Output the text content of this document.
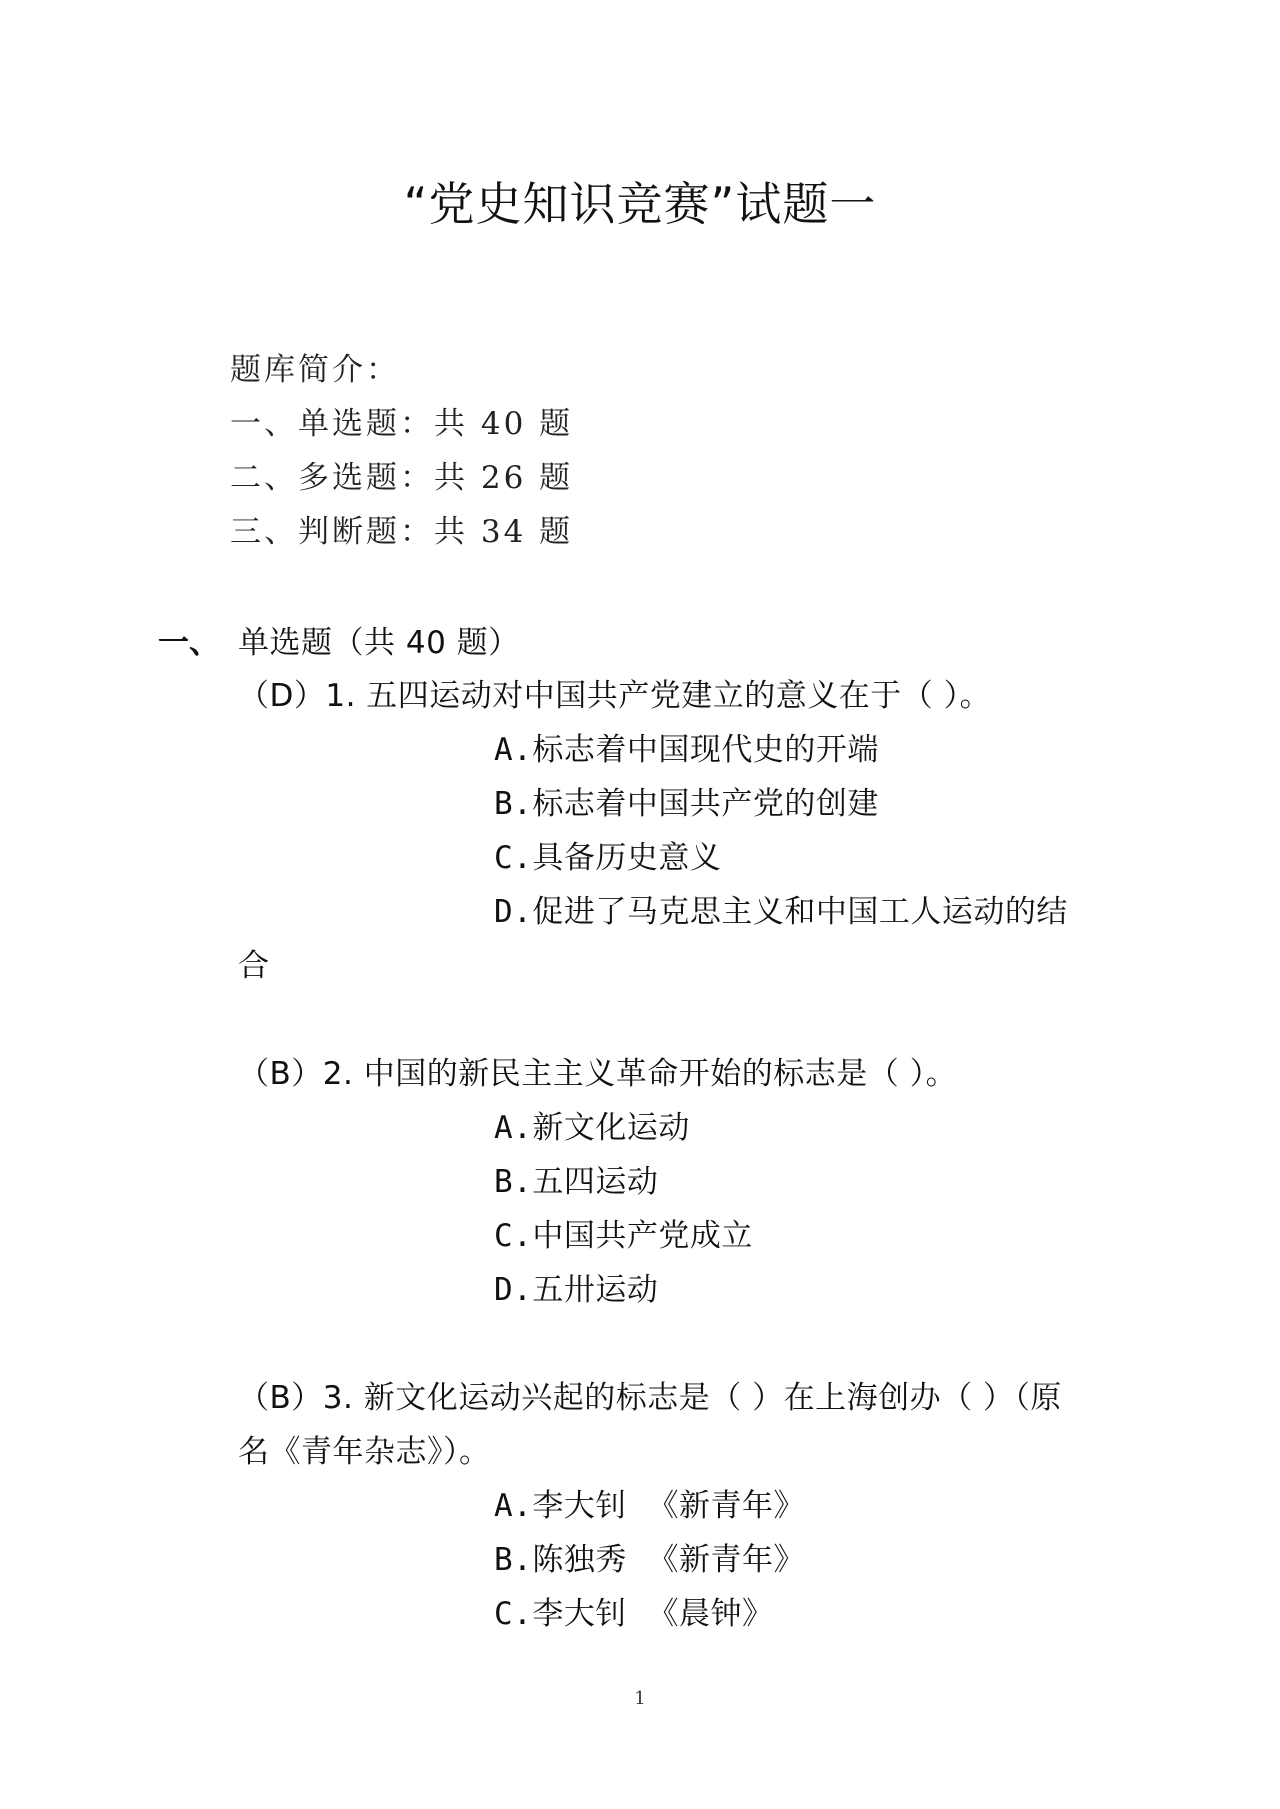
“党史知识竞赛”试题一
题库简介：
一、单选题：共 40 题
二、多选题：共 26 题
三、判断题：共 34 题
一、 单选题（共 40 题）
（D）1. 五四运动对中国共产党建立的意义在于（ ）。
A.标志着中国现代史的开端
B.标志着中国共产党的创建
C.具备历史意义
D.促进了马克思主义和中国工人运动的结
合
（B）2. 中国的新民主主义革命开始的标志是（ ）。
A.新文化运动
B.五四运动
C.中国共产党成立
D.五卅运动
（B）3. 新文化运动兴起的标志是（ ）在上海创办（ ）（原
名《青年杂志》）。
A.李大钊  《新青年》
B.陈独秀  《新青年》
C.李大钊  《晨钟》
1
